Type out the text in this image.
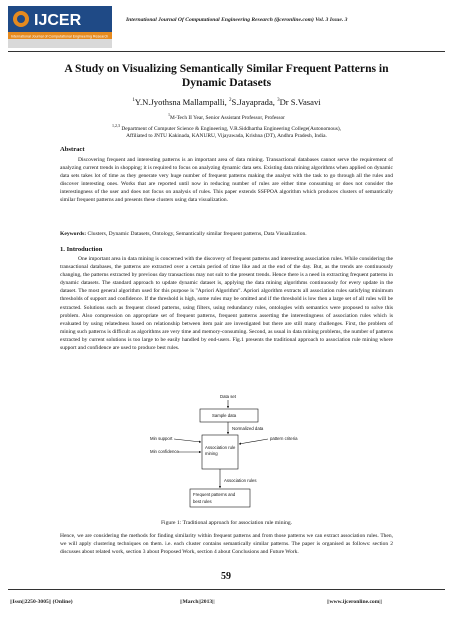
IJCER
International Journal of Computational Engineering Research
International Journal Of Computational Engineering Research (ijceronline.com) Vol. 3 Issue. 3
A Study on Visualizing Semantically Similar Frequent Patterns in Dynamic Datasets
$^1$Y.N.Jyothsna Mallampalli, $^2$S.Jayaprada, $^3$Dr S.Vasavi
$^1$M-Tech II Year, Senior Assistant Professor, Professor
$^{1,2,3}$ Department of Computer Science & Engineering, V.R.Siddhartha Engineering College(Autonomous),
Affiliated to JNTU Kakinada, KANURU, Vijayawada, Krishna (DT), Andhra Pradesh, India.
Abstract
Discovering frequent and interesting patterns is an important area of data mining. Transactional databases cannot serve the requirement of analyzing current trends in shopping; it is required to focus on analyzing dynamic data sets. Existing data mining algorithms when applied on dynamic data sets takes lot of time as they generate very huge number of frequent patterns making the analyst with the task to go through all the rules and discover interesting ones. Works that are reported until now in reducing number of rules are either time consuming or does not consider the interestingness of the user and does not focus on analysis of rules. This paper extends SSFPOA algorithm which produces clusters of semantically similar frequent patterns and presents these clusters using data visualization.
Keywords: Clusters, Dynamic Datasets, Ontology, Semantically similar frequent patterns, Data Visualization.
1. Introduction
One important area in data mining is concerned with the discovery of frequent patterns and interesting association rules. While considering the transactional databases, the patterns are extracted over a certain period of time like and at the end of the day. But, as the trends are continuously changing, the patterns extracted by previous day transactions may not suit to the present trends. Hence there is a need in extracting frequent patterns in dynamic datasets. The standard approach to update dynamic dataset is, applying the data mining algorithms continuously for every update in the dataset. The most general algorithm used for this purpose is "Apriori Algorithm". Apriori algorithm extracts all association rules satisfying minimum thresholds of support and confidence. If the threshold is high, some rules may be omitted and if the threshold is low then a large set of all rules will be extracted. Solutions such as frequent closed patterns, using filters, using redundancy rules, ontologies with semantics were proposed to solve this problem. Also compression on appropriate set of frequent patterns, frequent patterns asserting the interestingness of association rules which is evaluated by using relatedness based on relationship between item pair are investigated but there are still many challenges. First, the problem of mining such patterns is difficult as algorithms are very time and memory-consuming. Second, as usual in data mining problems, the number of patterns extracted by current solutions is too large to be easily handled by end-users. Fig.1 presents the traditional approach to association rule mining where support and confidence are used to produce best rules.
Data set
Sample data
Normalized data
Association rule
mining
Min support
Min confidence
pattern criteria
Association rules
Frequent patterns and
best rules
Figure 1: Traditional approach for association rule mining.
Hence, we are considering the methods for finding similarity within frequent patterns and from those patterns we can extract association rules. Then, we will apply clustering techniques on them. i.e. each cluster contains semantically similar patterns. The paper is organised as follows: section 2 discusses about related work, section 3 about Proposed Work, section 4 about Conclusions and Future Work.
59
||Issn||2250-3005|| (Online)	||March||2013||	||www.ijceronline.com||
